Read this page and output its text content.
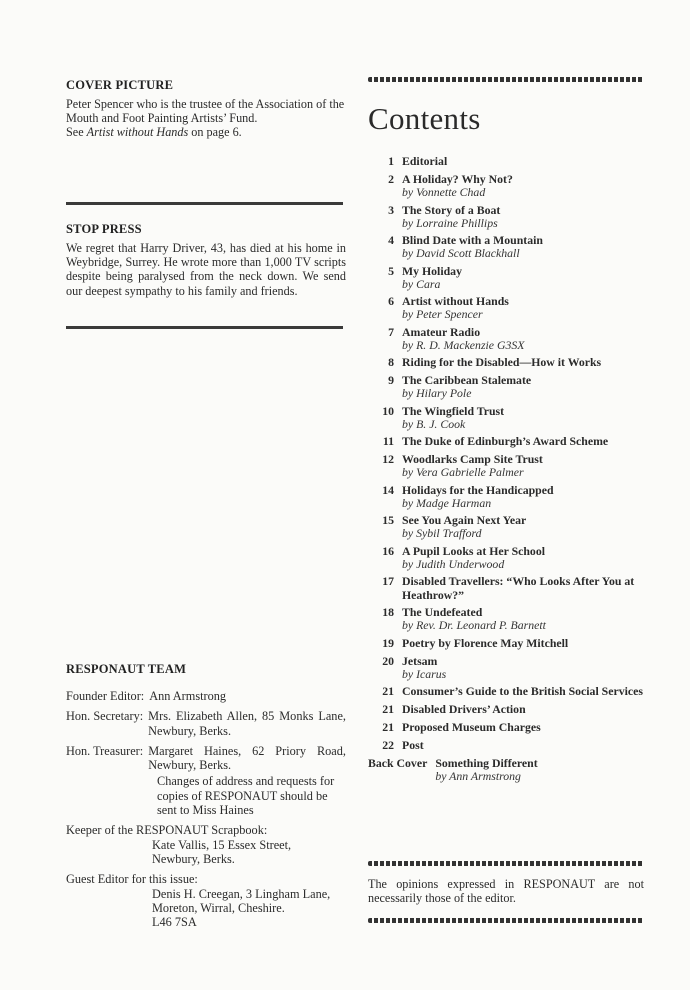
COVER PICTURE
Peter Spencer who is the trustee of the Association of the Mouth and Foot Painting Artists’ Fund.
See Artist without Hands on page 6.
STOP PRESS

We regret that Harry Driver, 43, has died at his home in Weybridge, Surrey. He wrote more than 1,000 TV scripts despite being paralysed from the neck down. We send our deepest sympathy to his family and friends.

RESPONAUT TEAM
Founder Editor: Ann Armstrong
Hon. Secretary: Mrs. Elizabeth Allen, 85 Monks Lane, Newbury, Berks.
Hon. Treasurer: Margaret Haines, 62 Priory Road, Newbury, Berks.
Changes of address and requests for copies of RESPONAUT should be sent to Miss Haines
Keeper of the RESPONAUT Scrapbook:
Kate Vallis, 15 Essex Street, Newbury, Berks.
Guest Editor for this issue:
Denis H. Creegan, 3 Lingham Lane,
Moreton, Wirral, Cheshire.
L46 7SA
Contents
1 Editorial
2 A Holiday? Why Not?
by Vonnette Chad
3 The Story of a Boat
by Lorraine Phillips
4 Blind Date with a Mountain
by David Scott Blackhall
5 My Holiday
by Cara
6 Artist without Hands
by Peter Spencer
7 Amateur Radio
by R. D. Mackenzie G3SX
8 Riding for the Disabled—How it Works
9 The Caribbean Stalemate
by Hilary Pole
10 The Wingfield Trust
by B. J. Cook
11 The Duke of Edinburgh’s Award Scheme
12 Woodlarks Camp Site Trust
by Vera Gabrielle Palmer
14 Holidays for the Handicapped
by Madge Harman
15 See You Again Next Year
by Sybil Trafford
16 A Pupil Looks at Her School
by Judith Underwood
17 Disabled Travellers: “Who Looks After You at Heathrow?”
18 The Undefeated
by Rev. Dr. Leonard P. Barnett
19 Poetry by Florence May Mitchell
20 Jetsam
by Icarus
21 Consumer’s Guide to the British Social Services
21 Disabled Drivers’ Action
21 Proposed Museum Charges
22 Post
Back Cover Something Different
by Ann Armstrong
The opinions expressed in RESPONAUT are not necessarily those of the editor.
